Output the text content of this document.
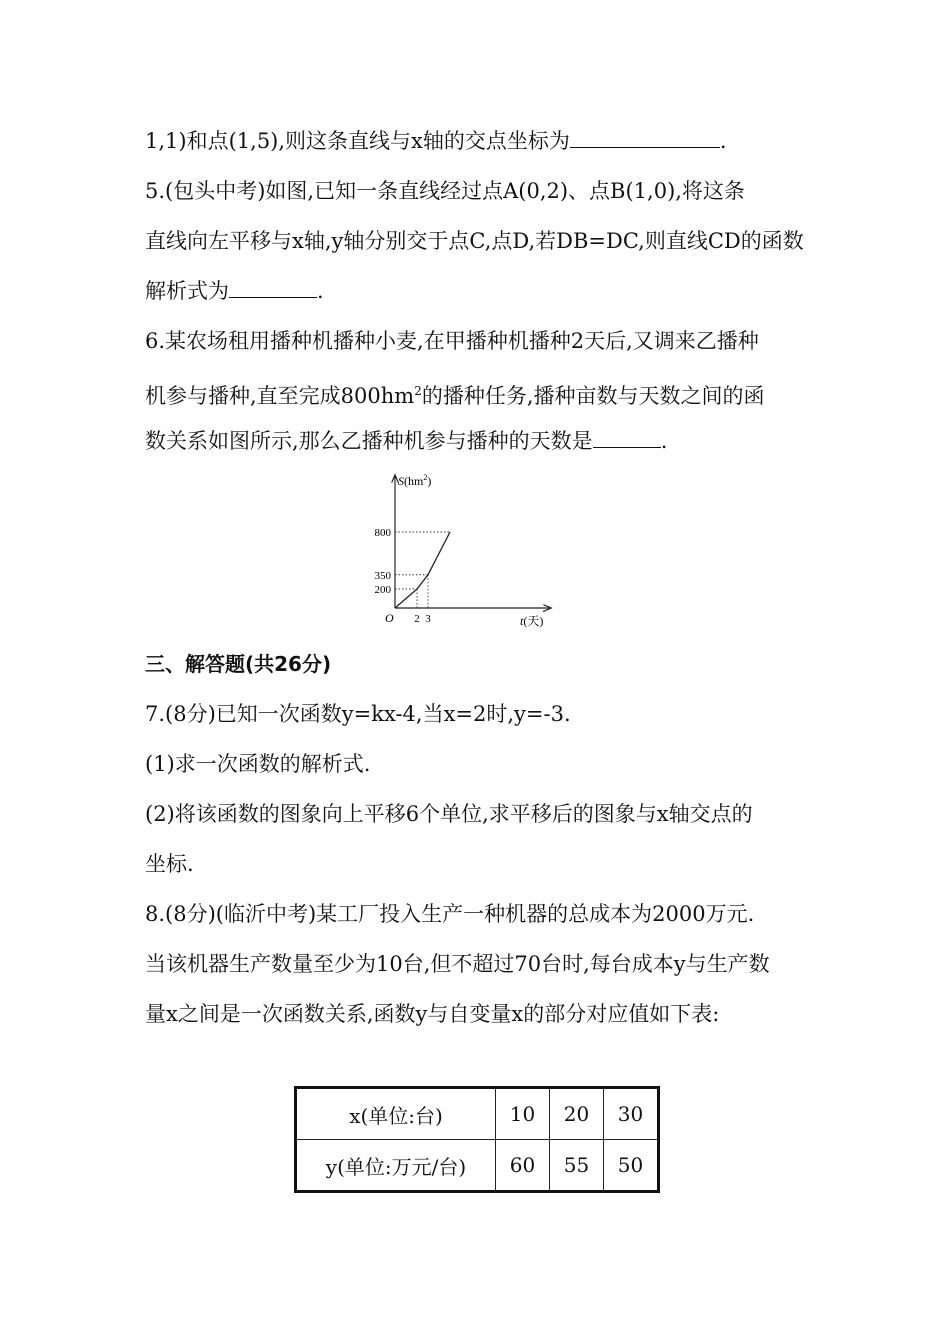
1,1)和点(1,5),则这条直线与x轴的交点坐标为	.
5.(包头中考)如图,已知一条直线经过点A(0,2)、点B(1,0),将这条
直线向左平移与x轴,y轴分别交于点C,点D,若DB=DC,则直线CD的函数
解析式为	.
6.某农场租用播种机播种小麦,在甲播种机播种2天后,又调来乙播种
机参与播种,直至完成$800hm^2$的播种任务,播种亩数与天数之间的函
数关系如图所示,那么乙播种机参与播种的天数是	.
$S(hm^2)$
t(天)
O
200
350
800
2 3
三、解答题(共26分)
7.(8分)已知一次函数y=kx-4,当x=2时,y=-3.
(1)求一次函数的解析式.
(2)将该函数的图象向上平移6个单位,求平移后的图象与x轴交点的
坐标.
8.(8分)(临沂中考)某工厂投入生产一种机器的总成本为2000万元.
当该机器生产数量至少为10台,但不超过70台时,每台成本y与生产数
量x之间是一次函数关系,函数y与自变量x的部分对应值如下表:
x(单位:台)	10	20	30
y(单位:万元/台)	60	55	50
